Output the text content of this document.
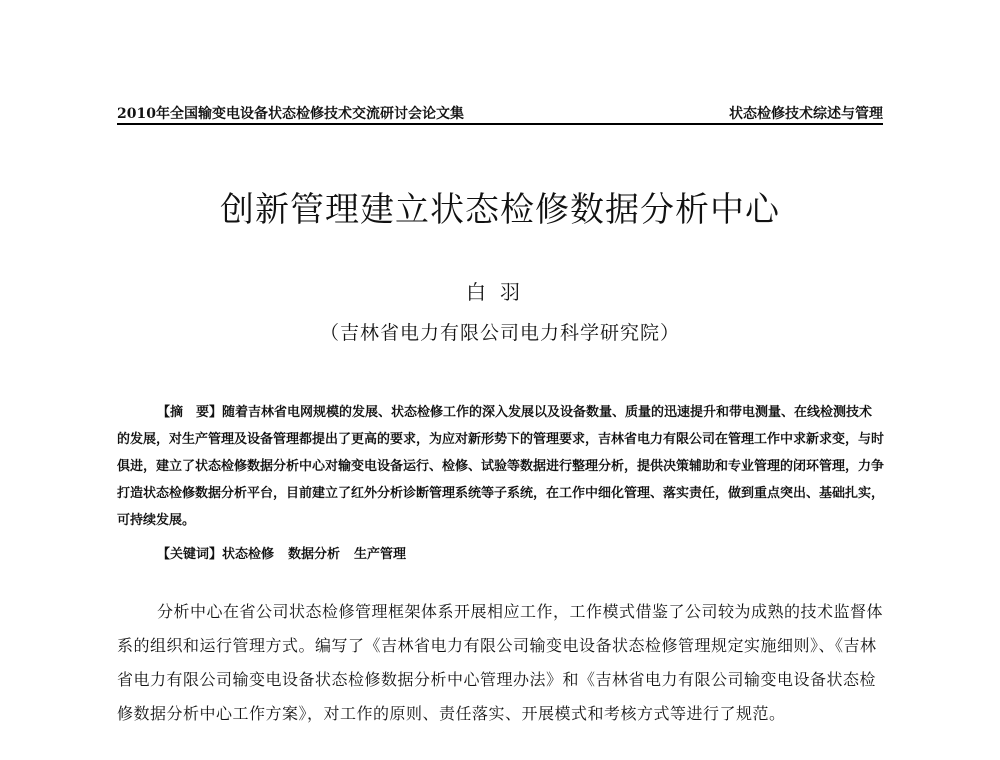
2010年全国输变电设备状态检修技术交流研讨会论文集	状态检修技术综述与管理
创新管理建立状态检修数据分析中心
白羽
（吉林省电力有限公司电力科学研究院）

【摘　要】随着吉林省电网规模的发展、状态检修工作的深入发展以及设备数量、质量的迅速提升和带电测量、在线检测技术的发展，对生产管理及设备管理都提出了更高的要求，为应对新形势下的管理要求，吉林省电力有限公司在管理工作中求新求变，与时俱进，建立了状态检修数据分析中心对输变电设备运行、检修、试验等数据进行整理分析，提供决策辅助和专业管理的闭环管理，力争打造状态检修数据分析平台，目前建立了红外分析诊断管理系统等子系统，在工作中细化管理、落实责任，做到重点突出、基础扎实，可持续发展。

【关键词】状态检修 数据分析 生产管理

分析中心在省公司状态检修管理框架体系开展相应工作，工作模式借鉴了公司较为成熟的技术监督体系的组织和运行管理方式。编写了《吉林省电力有限公司输变电设备状态检修管理规定实施细则》、《吉林省电力有限公司输变电设备状态检修数据分析中心管理办法》和《吉林省电力有限公司输变电设备状态检修数据分析中心工作方案》，对工作的原则、责任落实、开展模式和考核方式等进行了规范。
